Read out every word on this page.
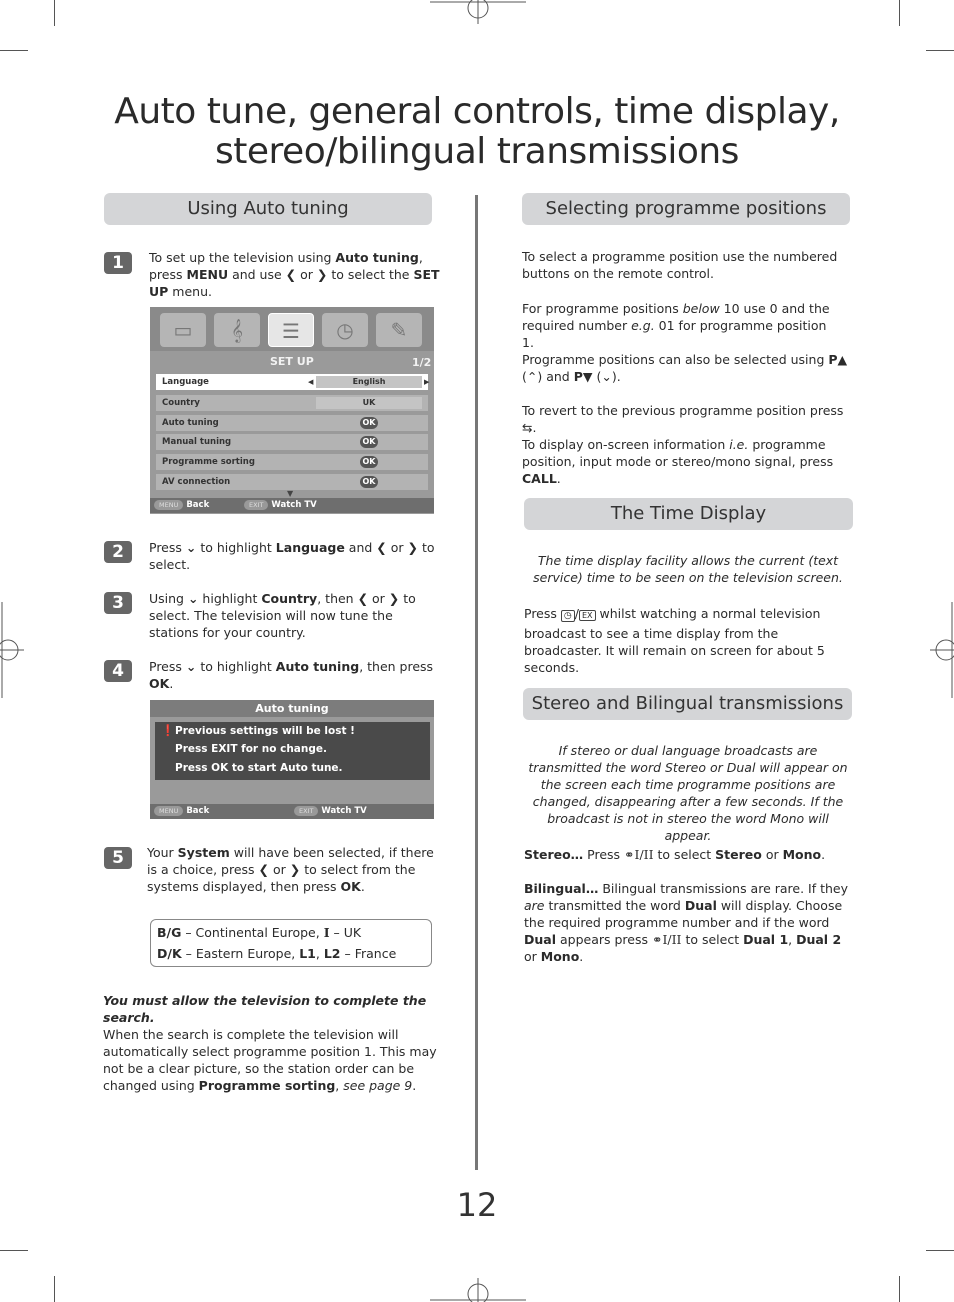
Auto tune, general controls, time display,
stereo/bilingual transmissions
Using Auto tuning
1	To set up the television using Auto tuning, press MENU and use ❮ or ❯ to select the SET UP menu.
▭	𝄞	☰	◷	✎
SET UP	1/2
Language	◀	English	▶
Country	UK
Auto tuning	OK
Manual tuning	OK
Programme sorting	OK
AV connection	OK
▼
MENU Back	EXIT Watch TV
2	Press ⌄ to highlight Language and ❮ or ❯ to select.
3	Using ⌄ highlight Country, then ❮ or ❯ to select. The television will now tune the stations for your country.
4	Press ⌄ to highlight Auto tuning, then press OK.
Auto tuning
❗ Previous settings will be lost !
Press EXIT for no change.
Press OK to start Auto tune.
MENU Back	EXIT Watch TV
5	Your System will have been selected, if there is a choice, press ❮ or ❯ to select from the systems displayed, then press OK.
B/G – Continental Europe, I – UK
D/K – Eastern Europe, L1, L2 – France
You must allow the television to complete the search.
When the search is complete the television will automatically select programme position 1. This may not be a clear picture, so the station order can be changed using Programme sorting, see page 9.
Selecting programme positions
To select a programme position use the numbered buttons on the remote control.
For programme positions below 10 use 0 and the required number e.g. 01 for programme position 1.
Programme positions can also be selected using P▲ (⌃) and P▼ (⌄).
To revert to the previous programme position press ⇆.
To display on-screen information i.e. programme position, input mode or stereo/mono signal, press CALL.
The Time Display
The time display facility allows the current (text service) time to be seen on the television screen.
Press ◷ / EX whilst watching a normal television broadcast to see a time display from the broadcaster. It will remain on screen for about 5 seconds.
Stereo and Bilingual transmissions
If stereo or dual language broadcasts are transmitted the word Stereo or Dual will appear on the screen each time programme positions are changed, disappearing after a few seconds. If the broadcast is not in stereo the word Mono will appear.
Stereo… Press ⚭I/II to select Stereo or Mono.
Bilingual… Bilingual transmissions are rare. If they are transmitted the word Dual will display. Choose the required programme number and if the word Dual appears press ⚭I/II to select Dual 1, Dual 2 or Mono.
12
